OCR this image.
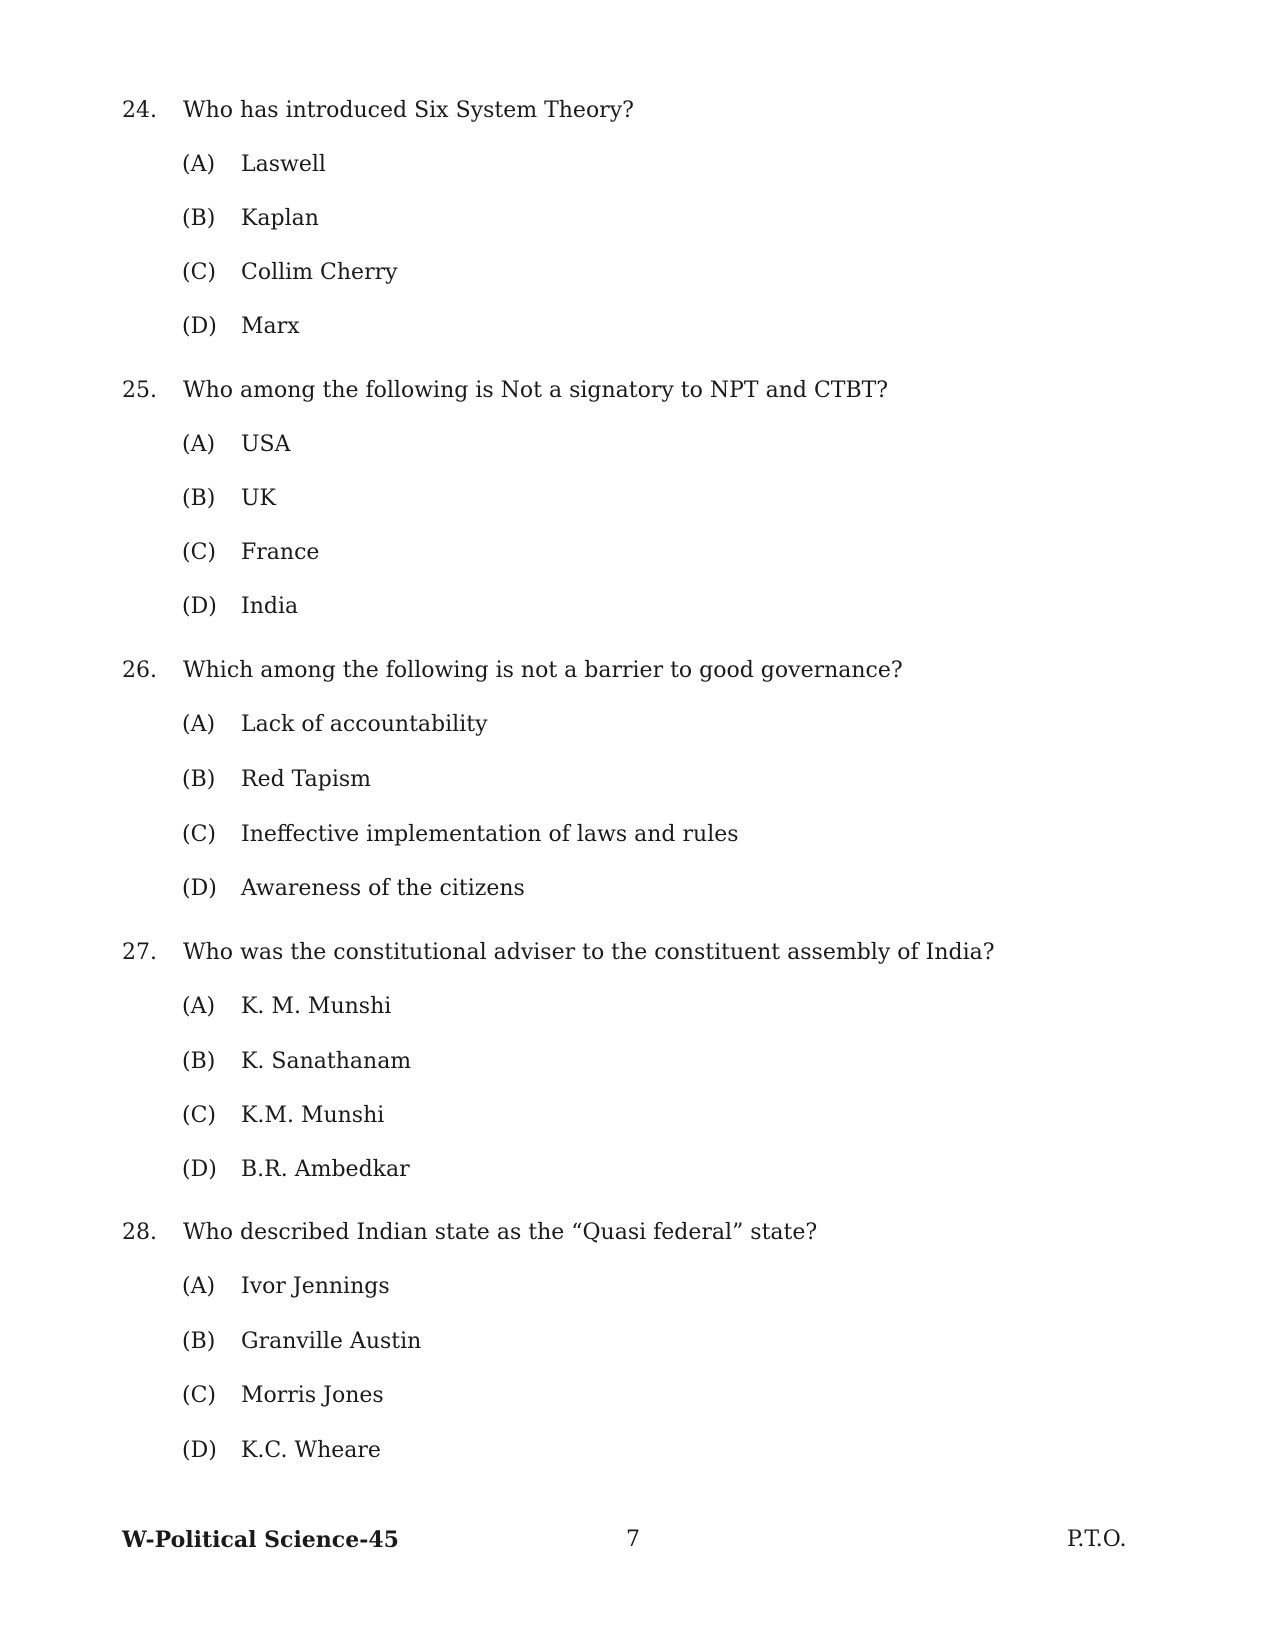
24. Who has introduced Six System Theory?
(A) Laswell
(B) Kaplan
(C) Collim Cherry
(D) Marx
25. Who among the following is Not a signatory to NPT and CTBT?
(A) USA
(B) UK
(C) France
(D) India
26. Which among the following is not a barrier to good governance?
(A) Lack of accountability
(B) Red Tapism
(C) Ineffective implementation of laws and rules
(D) Awareness of the citizens
27. Who was the constitutional adviser to the constituent assembly of India?
(A) K. M. Munshi
(B) K. Sanathanam
(C) K.M. Munshi
(D) B.R. Ambedkar
28. Who described Indian state as the “Quasi federal” state?
(A) Ivor Jennings
(B) Granville Austin
(C) Morris Jones
(D) K.C. Wheare
W-Political Science-45	7	P.T.O.
